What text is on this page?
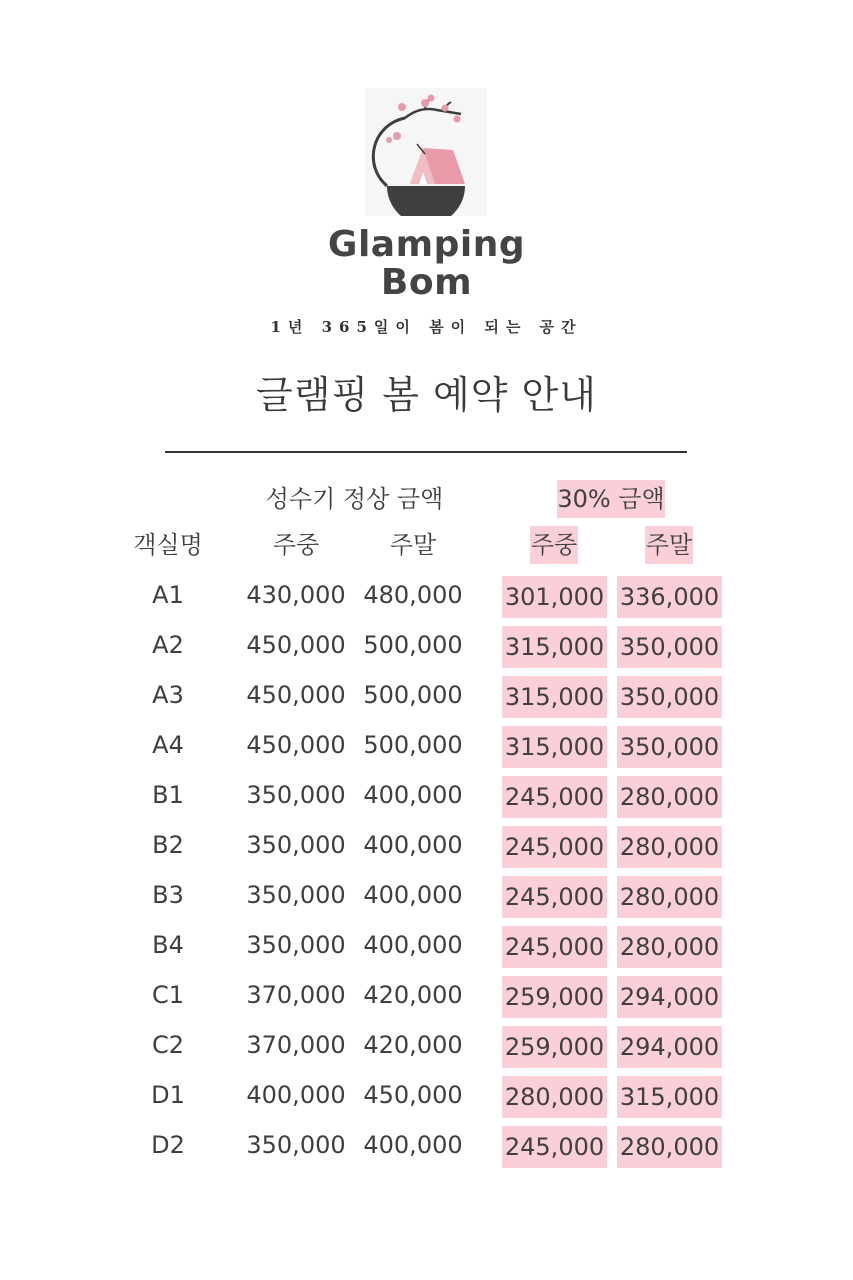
Glamping
Bom
1년 365일이 봄이 되는 공간
글램핑 봄 예약 안내
성수기 정상 금액	30% 금액
객실명	주중	주말	주중	주말
A1	430,000 480,000 301,000 336,000
A2	450,000 500,000 315,000 350,000
A3	450,000 500,000 315,000 350,000
A4	450,000 500,000 315,000 350,000
B1	350,000 400,000 245,000 280,000
B2	350,000 400,000 245,000 280,000
B3	350,000 400,000 245,000 280,000
B4	350,000 400,000 245,000 280,000
C1	370,000 420,000 259,000 294,000
C2	370,000 420,000 259,000 294,000
D1	400,000 450,000 280,000 315,000
D2	350,000 400,000 245,000 280,000
